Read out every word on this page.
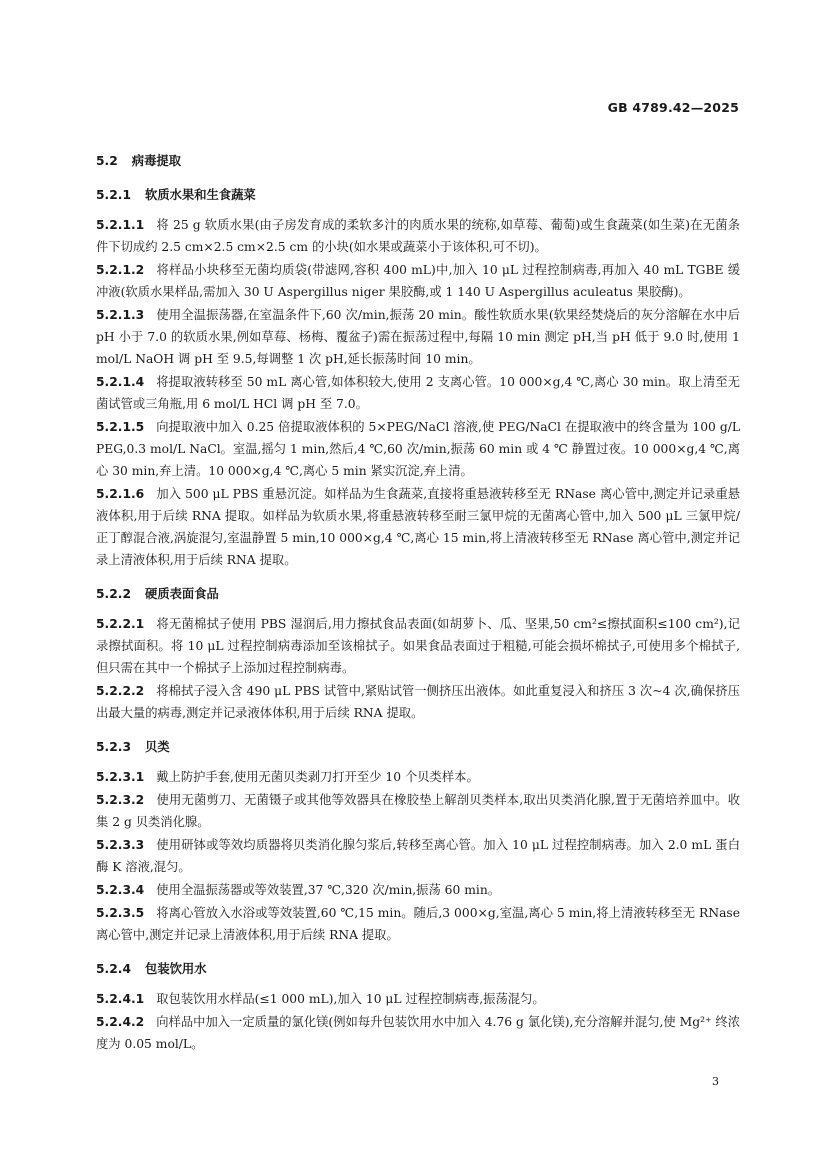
GB 4789.42—2025
5.2 病毒提取
5.2.1 软质水果和生食蔬菜
5.2.1.1 将 25 g 软质水果(由子房发育成的柔软多汁的肉质水果的统称,如草莓、葡萄)或生食蔬菜(如生菜)在无菌条件下切成约 2.5 cm×2.5 cm×2.5 cm 的小块(如水果或蔬菜小于该体积,可不切)。
5.2.1.2 将样品小块移至无菌均质袋(带滤网,容积 400 mL)中,加入 10 μL 过程控制病毒,再加入 40 mL TGBE 缓冲液(软质水果样品,需加入 30 U Aspergillus niger 果胶酶,或 1 140 U Aspergillus aculeatus 果胶酶)。
5.2.1.3 使用全温振荡器,在室温条件下,60 次/min,振荡 20 min。酸性软质水果(软果经焚烧后的灰分溶解在水中后 pH 小于 7.0 的软质水果,例如草莓、杨梅、覆盆子)需在振荡过程中,每隔 10 min 测定 pH,当 pH 低于 9.0 时,使用 1 mol/L NaOH 调 pH 至 9.5,每调整 1 次 pH,延长振荡时间 10 min。
5.2.1.4 将提取液转移至 50 mL 离心管,如体积较大,使用 2 支离心管。10 000×g,4 ℃,离心 30 min。取上清至无菌试管或三角瓶,用 6 mol/L HCl 调 pH 至 7.0。
5.2.1.5 向提取液中加入 0.25 倍提取液体积的 5×PEG/NaCl 溶液,使 PEG/NaCl 在提取液中的终含量为 100 g/L PEG,0.3 mol/L NaCl。室温,摇匀 1 min,然后,4 ℃,60 次/min,振荡 60 min 或 4 ℃ 静置过夜。10 000×g,4 ℃,离心 30 min,弃上清。10 000×g,4 ℃,离心 5 min 紧实沉淀,弃上清。
5.2.1.6 加入 500 μL PBS 重悬沉淀。如样品为生食蔬菜,直接将重悬液转移至无 RNase 离心管中,测定并记录重悬液体积,用于后续 RNA 提取。如样品为软质水果,将重悬液转移至耐三氯甲烷的无菌离心管中,加入 500 μL 三氯甲烷/正丁醇混合液,涡旋混匀,室温静置 5 min,10 000×g,4 ℃,离心 15 min,将上清液转移至无 RNase 离心管中,测定并记录上清液体积,用于后续 RNA 提取。
5.2.2 硬质表面食品
5.2.2.1 将无菌棉拭子使用 PBS 湿润后,用力擦拭食品表面(如胡萝卜、瓜、坚果,50 cm²≤擦拭面积≤100 cm²),记录擦拭面积。将 10 μL 过程控制病毒添加至该棉拭子。如果食品表面过于粗糙,可能会损坏棉拭子,可使用多个棉拭子,但只需在其中一个棉拭子上添加过程控制病毒。
5.2.2.2 将棉拭子浸入含 490 μL PBS 试管中,紧贴试管一侧挤压出液体。如此重复浸入和挤压 3 次~4 次,确保挤压出最大量的病毒,测定并记录液体体积,用于后续 RNA 提取。
5.2.3 贝类
5.2.3.1 戴上防护手套,使用无菌贝类剥刀打开至少 10 个贝类样本。
5.2.3.2 使用无菌剪刀、无菌镊子或其他等效器具在橡胶垫上解剖贝类样本,取出贝类消化腺,置于无菌培养皿中。收集 2 g 贝类消化腺。
5.2.3.3 使用研钵或等效均质器将贝类消化腺匀浆后,转移至离心管。加入 10 μL 过程控制病毒。加入 2.0 mL 蛋白酶 K 溶液,混匀。
5.2.3.4 使用全温振荡器或等效装置,37 ℃,320 次/min,振荡 60 min。
5.2.3.5 将离心管放入水浴或等效装置,60 ℃,15 min。随后,3 000×g,室温,离心 5 min,将上清液转移至无 RNase 离心管中,测定并记录上清液体积,用于后续 RNA 提取。
5.2.4 包装饮用水
5.2.4.1 取包装饮用水样品(≤1 000 mL),加入 10 μL 过程控制病毒,振荡混匀。
5.2.4.2 向样品中加入一定质量的氯化镁(例如每升包装饮用水中加入 4.76 g 氯化镁),充分溶解并混匀,使 Mg²⁺ 终浓度为 0.05 mol/L。
3
